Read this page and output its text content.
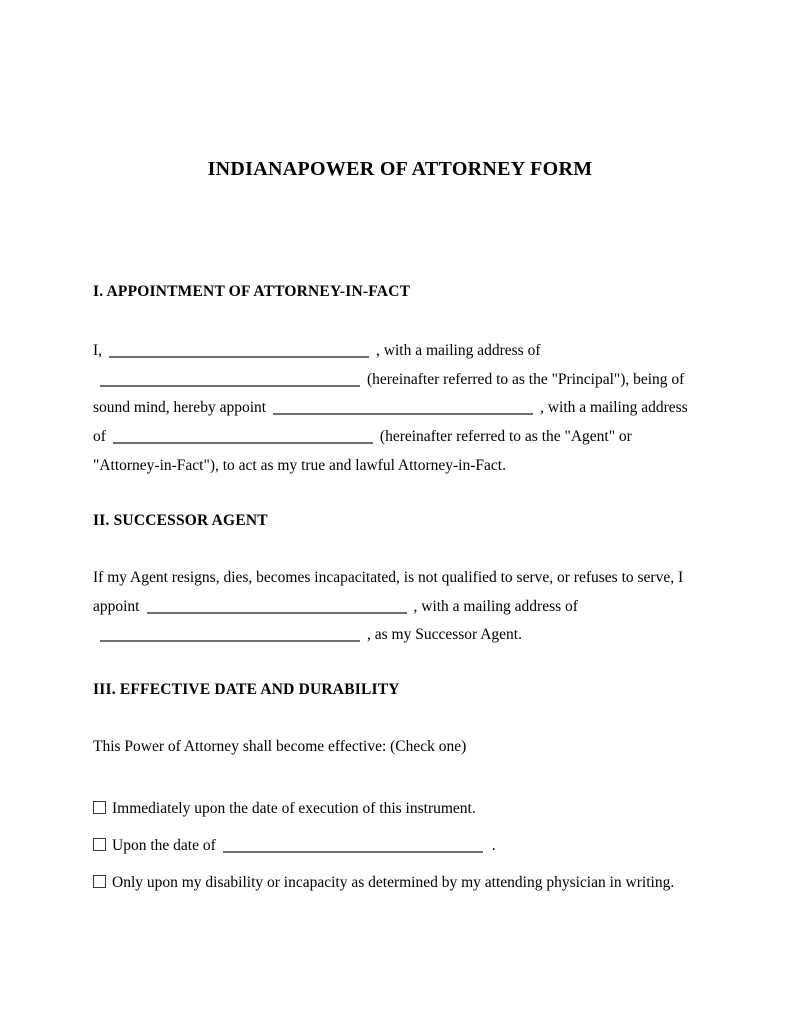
INDIANAPOWER OF ATTORNEY FORM
I. APPOINTMENT OF ATTORNEY-IN-FACT
I,	, with a mailing address of
(hereinafter referred to as the "Principal"), being of
sound mind, hereby appoint	, with a mailing address
of	(hereinafter referred to as the "Agent" or
"Attorney-in-Fact"), to act as my true and lawful Attorney-in-Fact.
II. SUCCESSOR AGENT
If my Agent resigns, dies, becomes incapacitated, is not qualified to serve, or refuses to serve, I
appoint	, with a mailing address of
, as my Successor Agent.
III. EFFECTIVE DATE AND DURABILITY
This Power of Attorney shall become effective: (Check one)
Immediately upon the date of execution of this instrument.
Upon the date of	.
Only upon my disability or incapacity as determined by my attending physician in writing.
